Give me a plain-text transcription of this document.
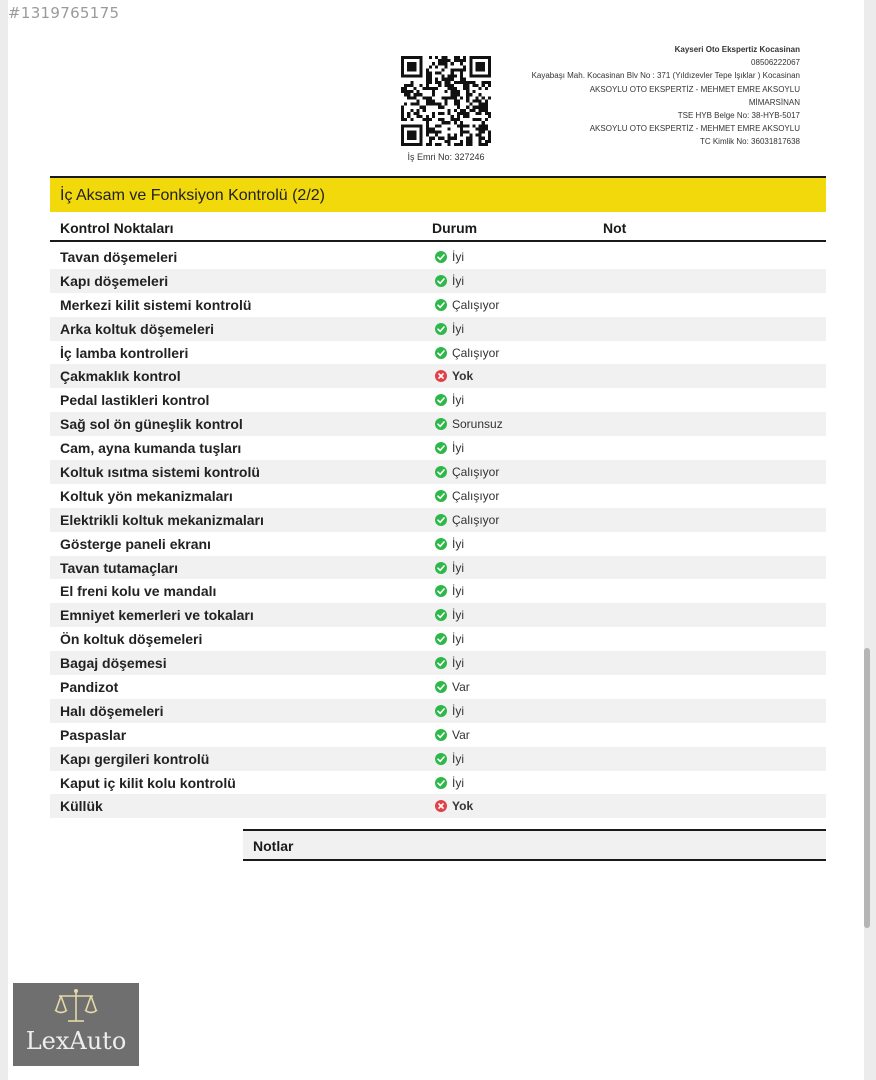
İş Emri No: 327246
Kayseri Oto Ekspertiz Kocasinan
08506222067
Kayabaşı Mah. Kocasinan Blv No : 371 (Yıldızevler Tepe Işıklar ) Kocasinan
AKSOYLU OTO EKSPERTİZ - MEHMET EMRE AKSOYLU
MİMARSİNAN
TSE HYB Belge No: 38-HYB-5017
AKSOYLU OTO EKSPERTİZ - MEHMET EMRE AKSOYLU
TC Kimlik No: 36031817638
İç Aksam ve Fonksiyon Kontrolü (2/2)
Kontrol Noktaları	Durum	Not
Tavan döşemeleri	İyi
Kapı döşemeleri	İyi
Merkezi kilit sistemi kontrolü	Çalışıyor
Arka koltuk döşemeleri	İyi
İç lamba kontrolleri	Çalışıyor
Çakmaklık kontrol	Yok
Pedal lastikleri kontrol	İyi
Sağ sol ön güneşlik kontrol	Sorunsuz
Cam, ayna kumanda tuşları	İyi
Koltuk ısıtma sistemi kontrolü	Çalışıyor
Koltuk yön mekanizmaları	Çalışıyor
Elektrikli koltuk mekanizmaları	Çalışıyor
Gösterge paneli ekranı	İyi
Tavan tutamaçları	İyi
El freni kolu ve mandalı	İyi
Emniyet kemerleri ve tokaları	İyi
Ön koltuk döşemeleri	İyi
Bagaj döşemesi	İyi
Pandizot	Var
Halı döşemeleri	İyi
Paspaslar	Var
Kapı gergileri kontrolü	İyi
Kaput iç kilit kolu kontrolü	İyi
Küllük	Yok
Notlar
#1319765175
LexAuto
